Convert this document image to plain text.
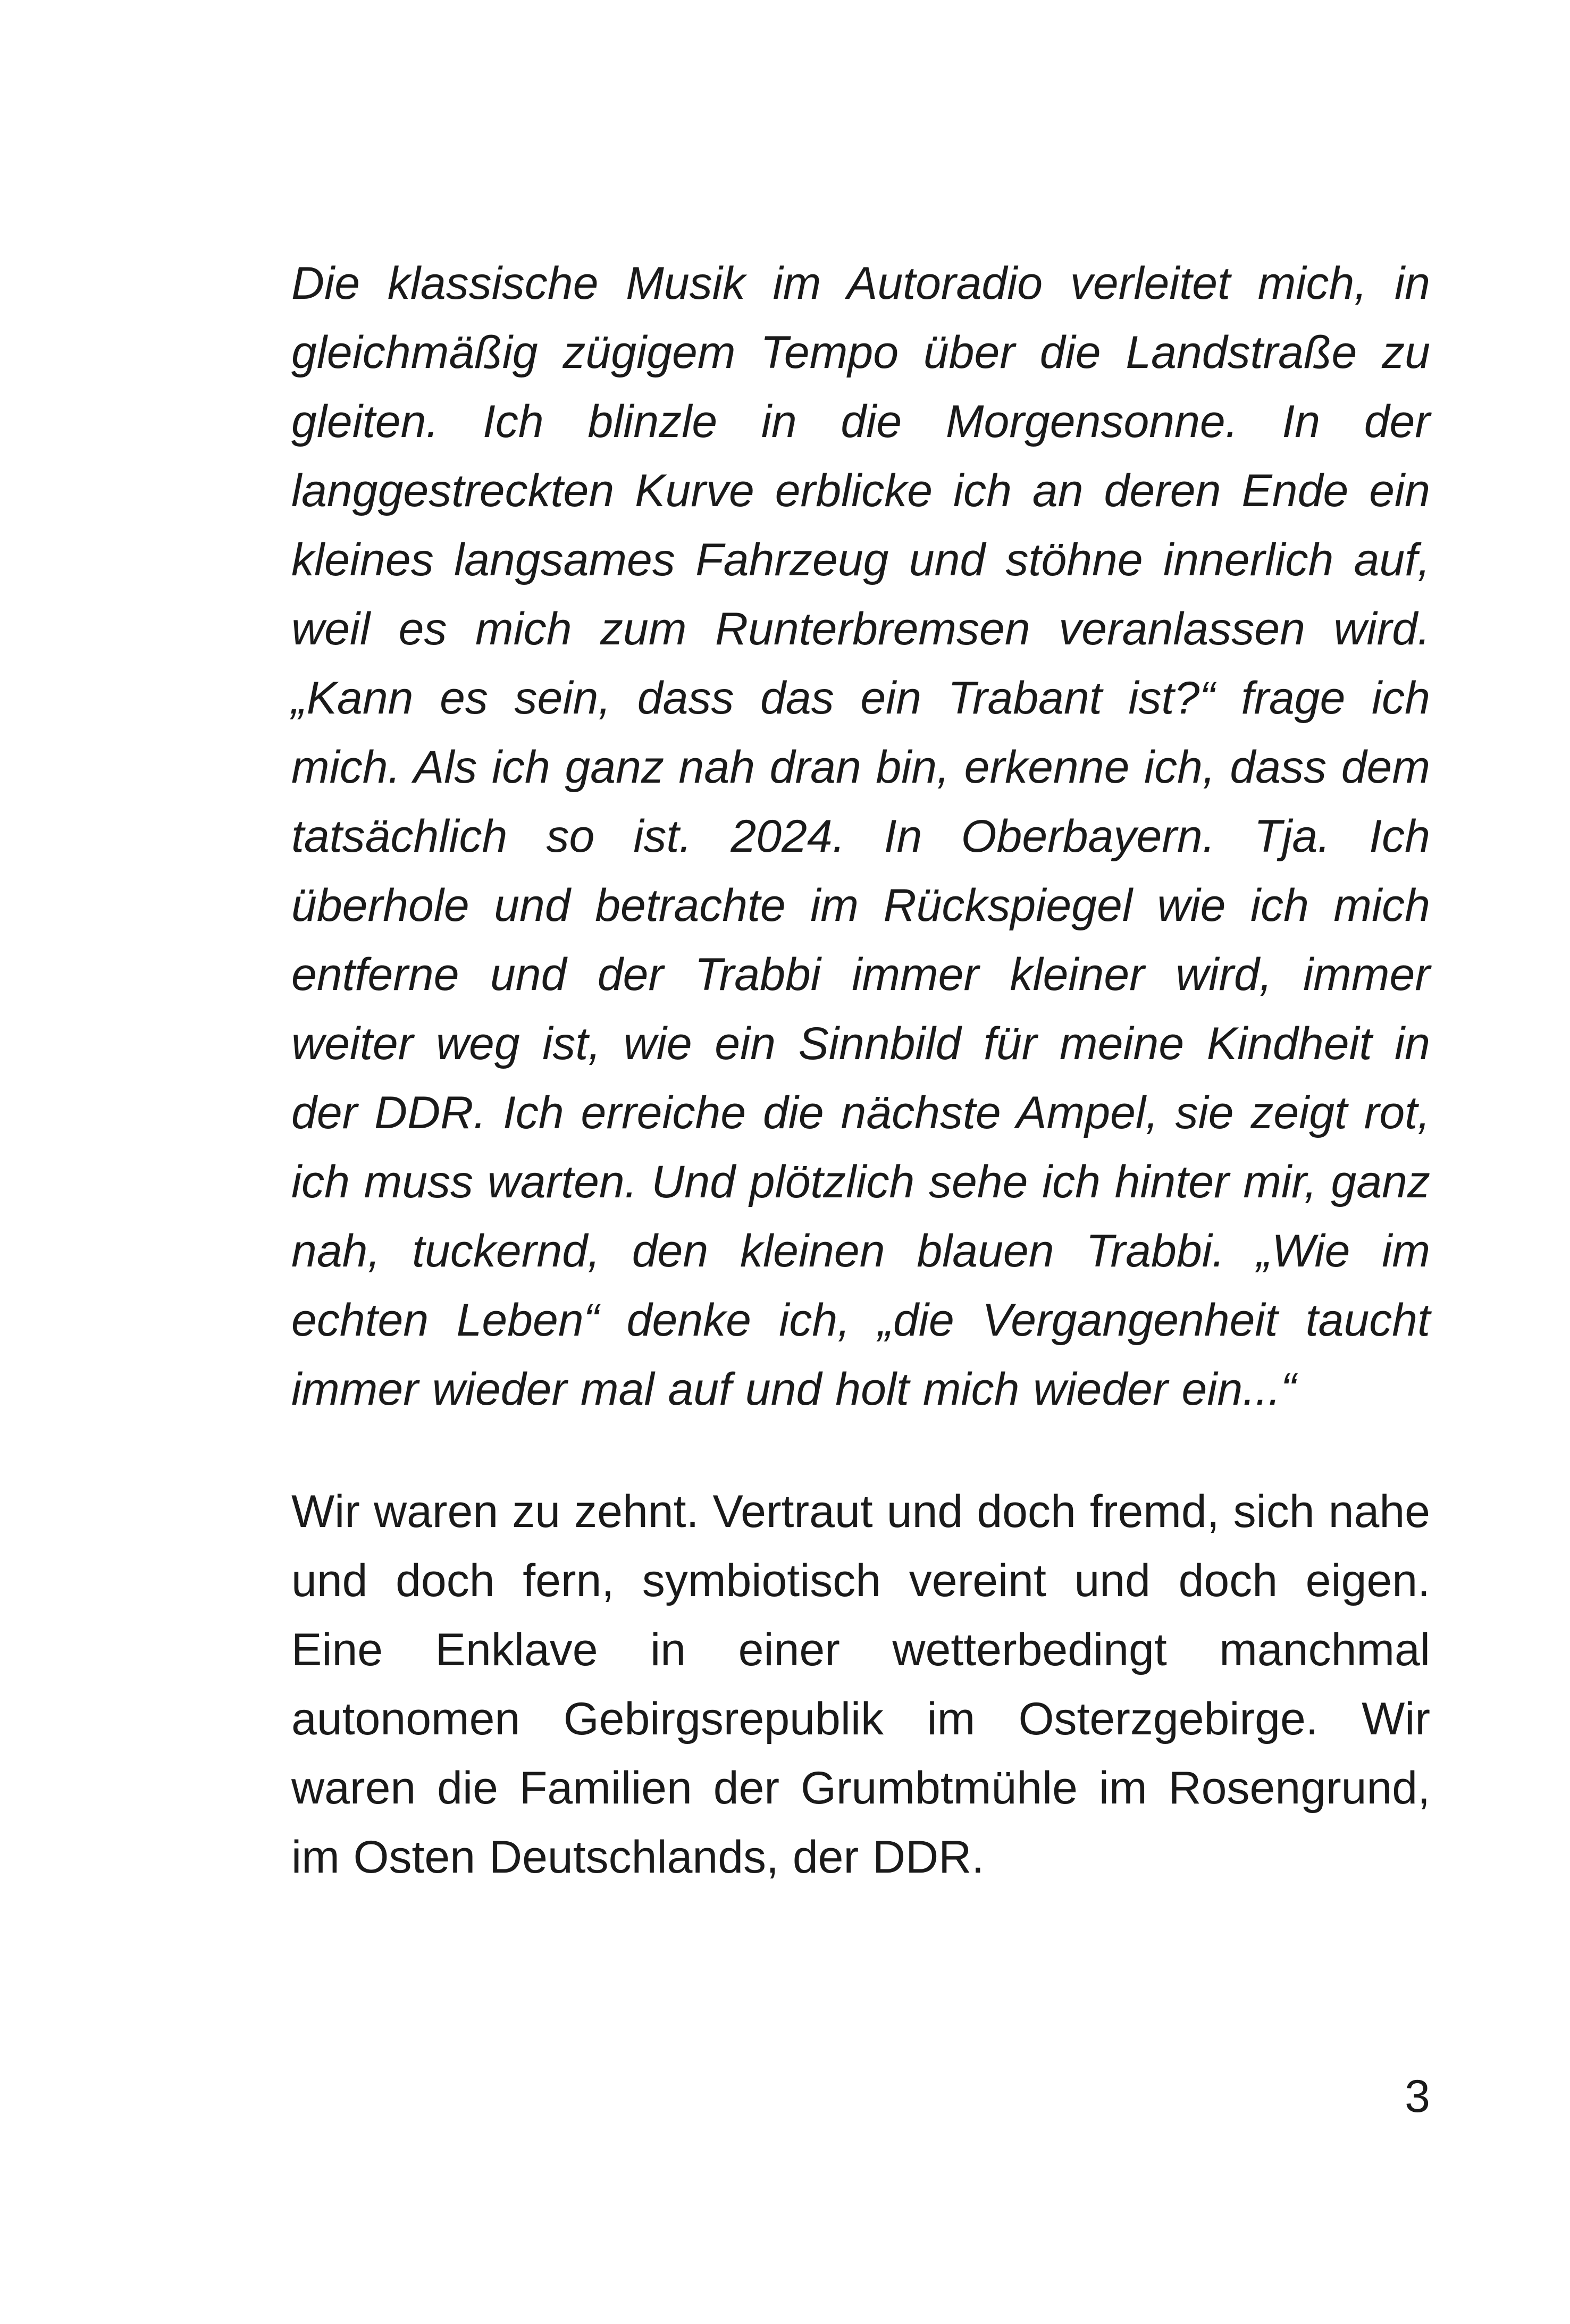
Die klassische Musik im Autoradio verleitet mich, in gleichmäßig zügigem Tempo über die Landstraße zu gleiten. Ich blinzle in die Morgensonne. In der langgestreckten Kurve erblicke ich an deren Ende ein kleines langsames Fahrzeug und stöhne innerlich auf, weil es mich zum Runterbremsen veranlassen wird. „Kann es sein, dass das ein Trabant ist?“ frage ich mich. Als ich ganz nah dran bin, erkenne ich, dass dem tatsächlich so ist. 2024. In Oberbayern. Tja. Ich überhole und betrachte im Rückspiegel wie ich mich entferne und der Trabbi immer kleiner wird, immer weiter weg ist, wie ein Sinnbild für meine Kindheit in der DDR. Ich erreiche die nächste Ampel, sie zeigt rot, ich muss warten. Und plötzlich sehe ich hinter mir, ganz nah, tuckernd, den kleinen blauen Trabbi. „Wie im echten Leben“ denke ich, „die Vergangenheit taucht immer wieder mal auf und holt mich wieder ein...“

Wir waren zu zehnt. Vertraut und doch fremd, sich nahe und doch fern, symbiotisch vereint und doch eigen. Eine Enklave in einer wetterbedingt manchmal autonomen Gebirgsrepublik im Osterzgebirge. Wir waren die Familien der Grumbtmühle im Rosengrund, im Osten Deutschlands, der DDR.

3
